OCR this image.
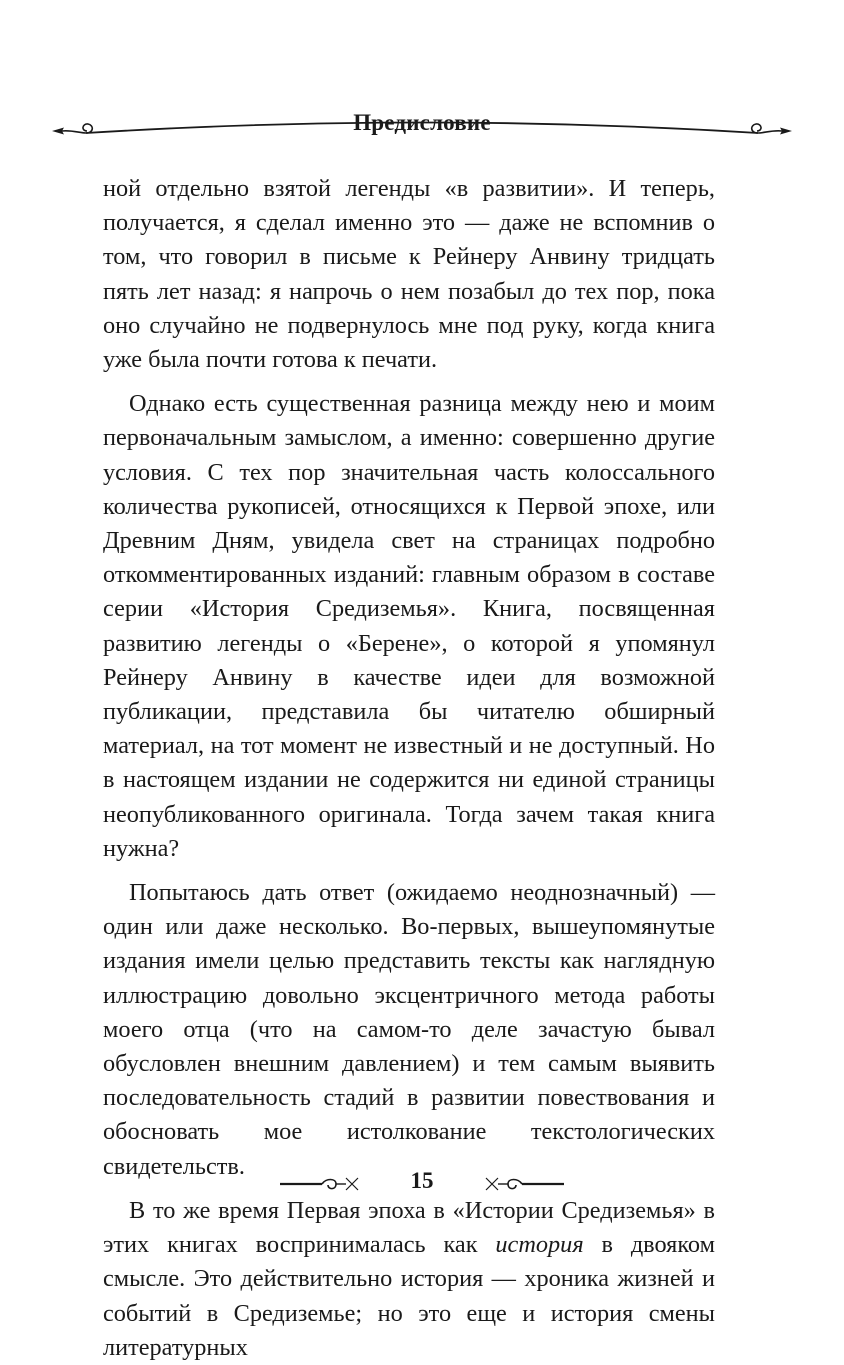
Предисловие

ной отдельно взятой легенды «в развитии». И теперь, получается, я сделал именно это — даже не вспомнив о том, что говорил в письме к Рейнеру Анвину тридцать пять лет назад: я напрочь о нем позабыл до тех пор, пока оно случайно не подвернулось мне под руку, когда книга уже была почти готова к печати.

Однако есть существенная разница между нею и моим первоначальным замыслом, а именно: совершенно другие условия. С тех пор значительная часть колоссального количества рукописей, относящихся к Первой эпохе, или Древним Дням, увидела свет на страницах подробно откомментированных изданий: главным образом в составе серии «История Средиземья». Книга, посвященная развитию легенды о «Берене», о которой я упомянул Рейнеру Анвину в качестве идеи для возможной публикации, представила бы читателю обширный материал, на тот момент не известный и не доступный. Но в настоящем издании не содержится ни единой страницы неопубликованного оригинала. Тогда зачем такая книга нужна?

Попытаюсь дать ответ (ожидаемо неоднозначный) — один или даже несколько. Во-первых, вышеупомянутые издания имели целью представить тексты как наглядную иллюстрацию довольно эксцентричного метода работы моего отца (что на самом-то деле зачастую бывал обусловлен внешним давлением) и тем самым выявить последовательность стадий в развитии повествования и обосновать мое истолкование текстологических свидетельств.

В то же время Первая эпоха в «Истории Средиземья» в этих книгах воспринималась как история в двояком смысле. Это действительно история — хроника жизней и событий в Средиземье; но это еще и история смены литературных

15
